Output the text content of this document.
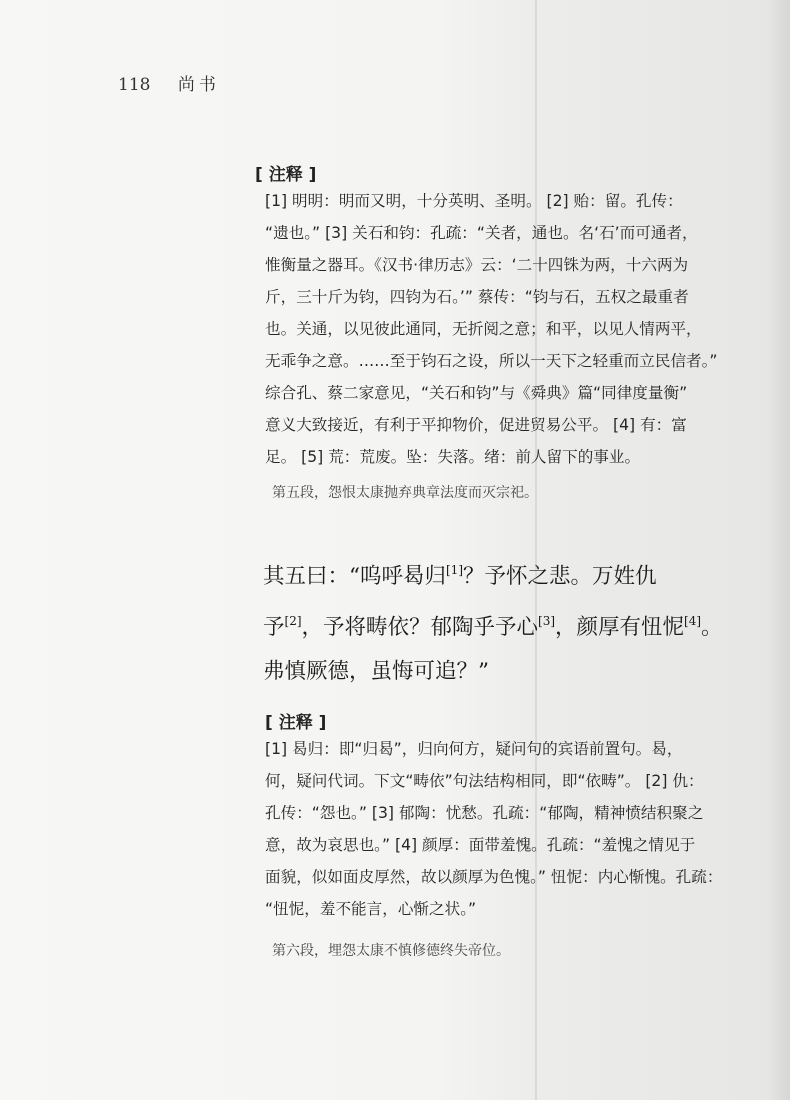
118 尚书
[ 注释 ]
[1] 明明：明而又明，十分英明、圣明。 [2] 贻：留。孔传：
“遗也。” [3] 关石和钧：孔疏：“关者，通也。名‘石’而可通者，
惟衡量之器耳。《汉书·律历志》云：‘二十四铢为两，十六两为
斤，三十斤为钧，四钧为石。’” 蔡传：“钧与石，五权之最重者
也。关通，以见彼此通同，无折阅之意；和平，以见人情两平，
无乖争之意。……至于钧石之设，所以一天下之轻重而立民信者。”
综合孔、蔡二家意见，“关石和钧”与《舜典》篇“同律度量衡”
意义大致接近，有利于平抑物价，促进贸易公平。 [4] 有：富
足。 [5] 荒：荒废。坠：失落。绪：前人留下的事业。
第五段，怨恨太康抛弃典章法度而灭宗祀。
其五曰：“呜呼曷归[1]？予怀之悲。万姓仇
予[2]，予将畴依？郁陶乎予心[3]，颜厚有忸怩[4]。
弗慎厥德，虽悔可追？”
[ 注释 ]
[1] 曷归：即“归曷”，归向何方，疑问句的宾语前置句。曷，
何，疑问代词。下文“畴依”句法结构相同，即“依畴”。 [2] 仇：
孔传：“怨也。” [3] 郁陶：忧愁。孔疏：“郁陶，精神愤结积聚之
意，故为哀思也。” [4] 颜厚：面带羞愧。孔疏：“羞愧之情见于
面貌，似如面皮厚然，故以颜厚为色愧。” 忸怩：内心惭愧。孔疏：
“忸怩，羞不能言，心惭之状。”
第六段，埋怨太康不慎修德终失帝位。
